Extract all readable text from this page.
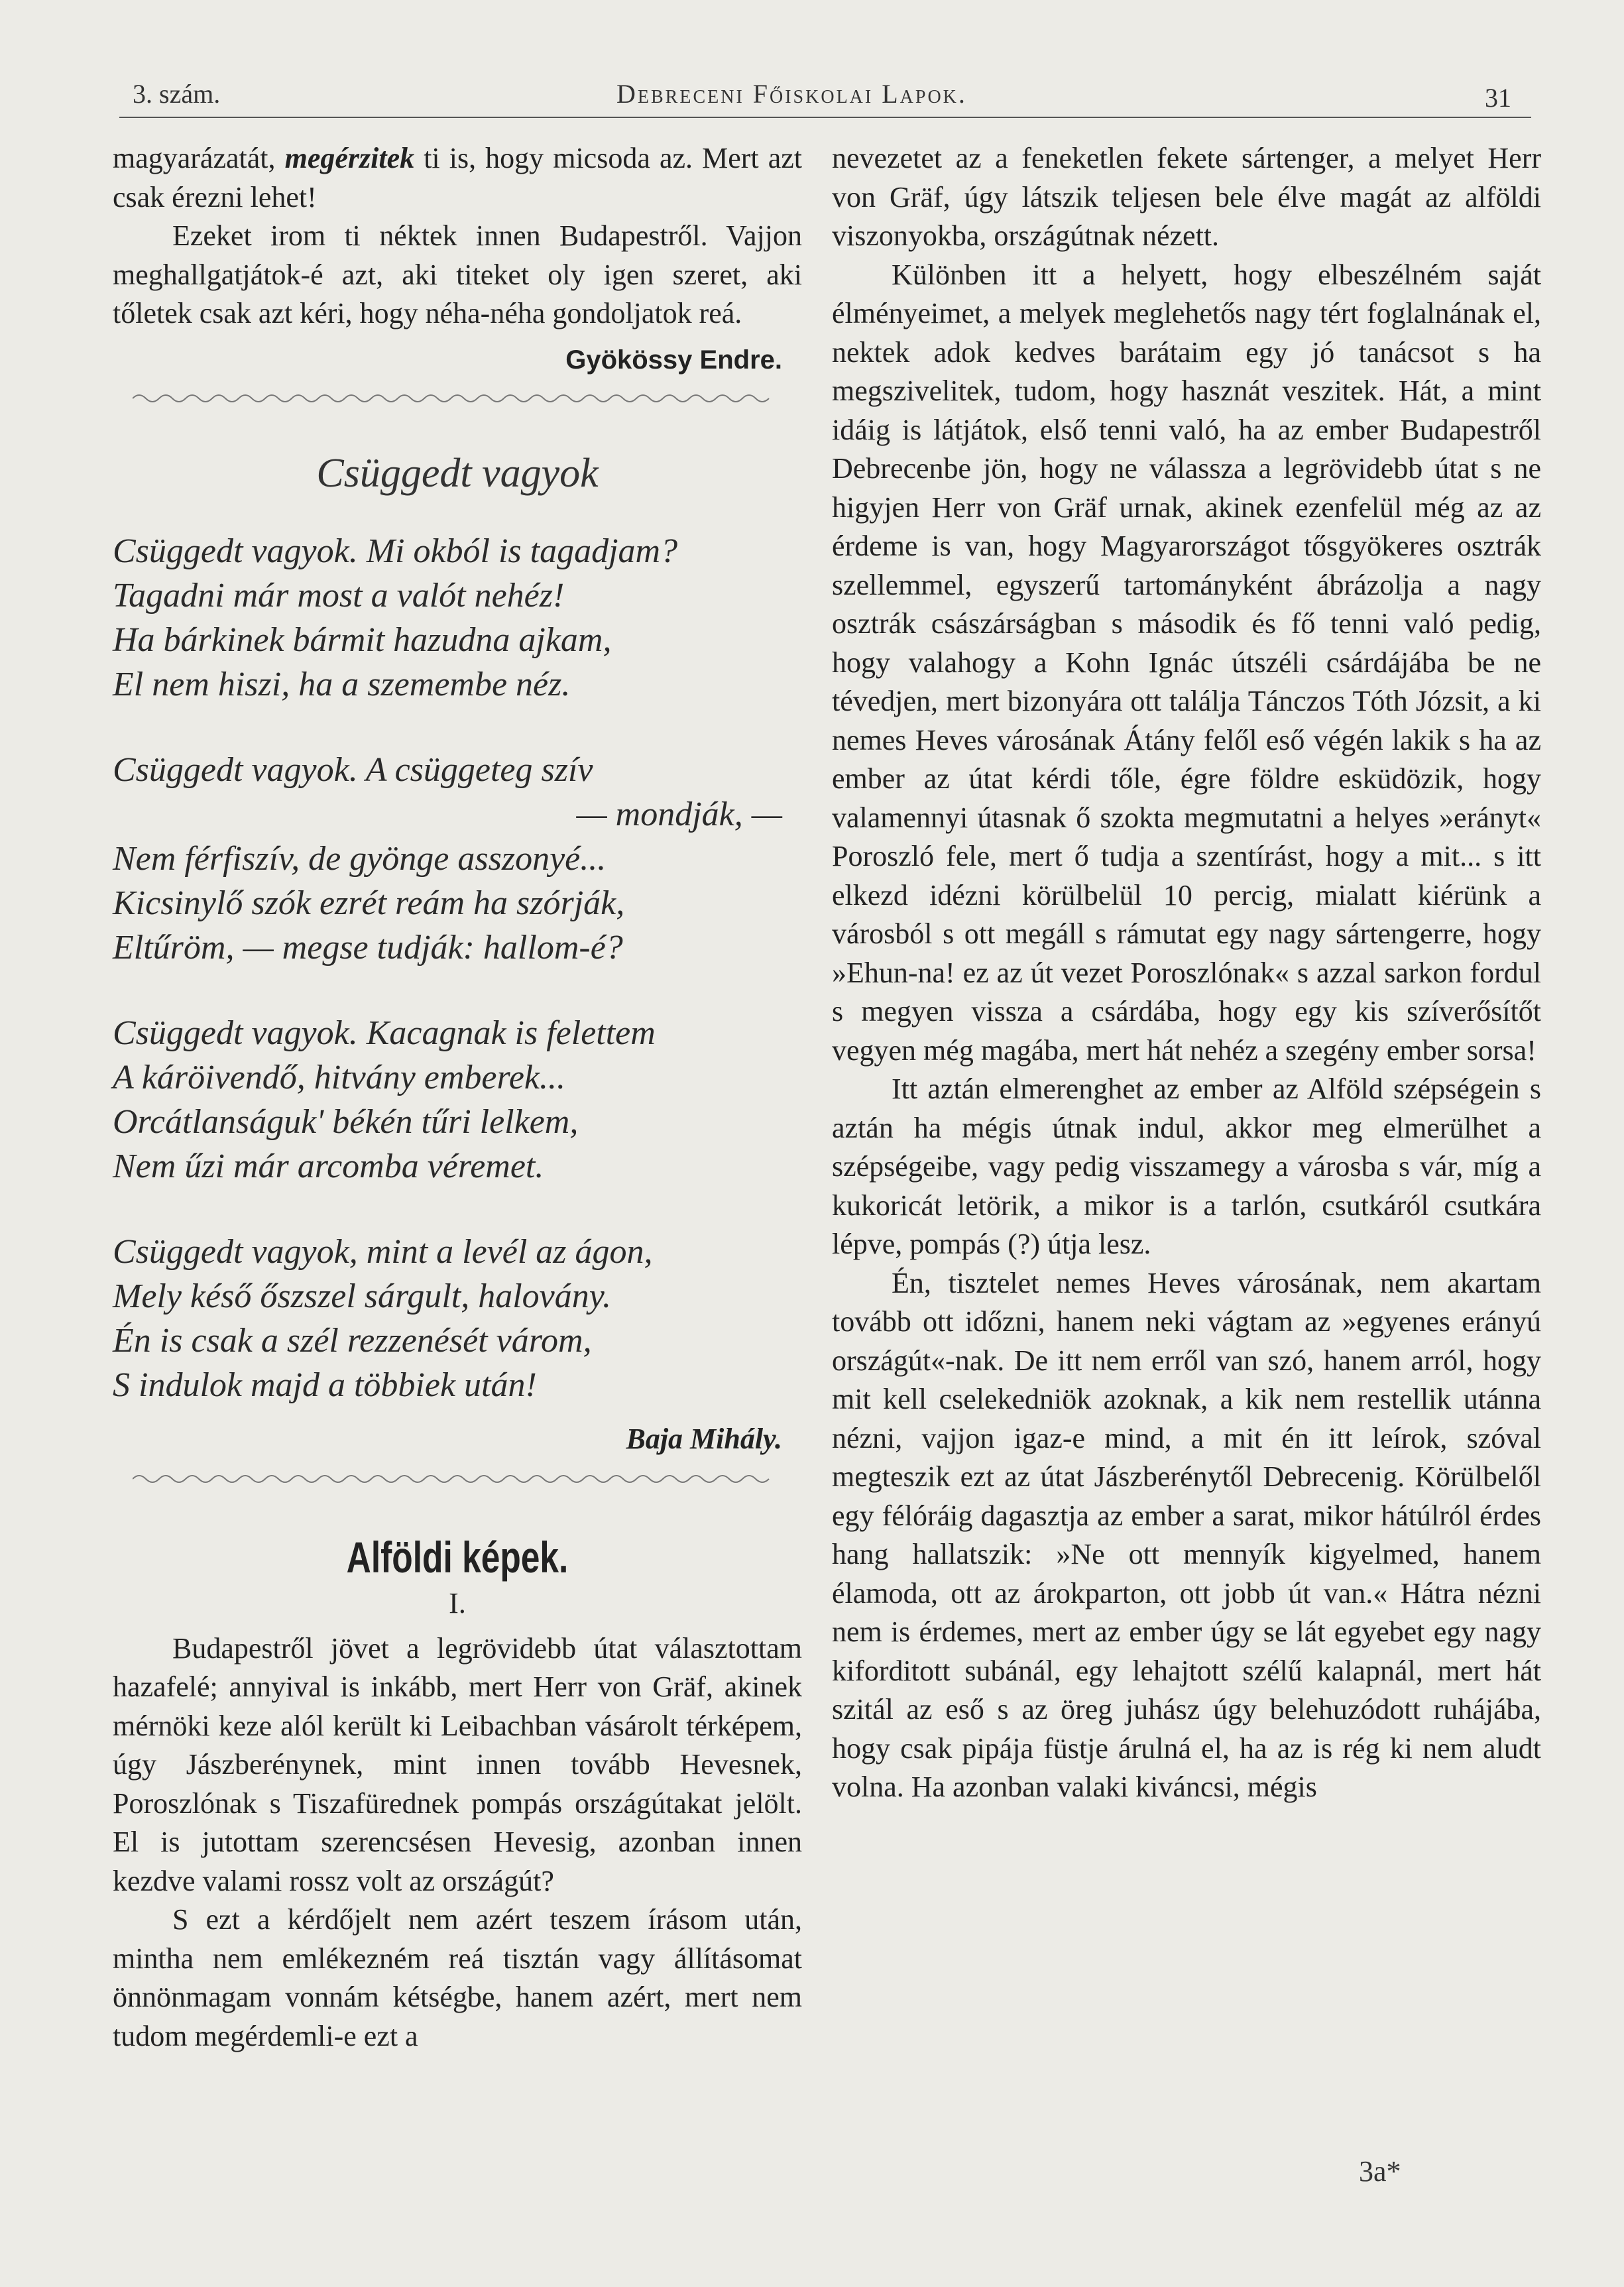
3. szám.	Debreceni Főiskolai Lapok.	31

magyarázatát, megérzitek ti is, hogy micsoda az. Mert azt csak érezni lehet!

Ezeket irom ti néktek innen Budapestről. Vajjon meghallgatjátok-é azt, aki titeket oly igen szeret, aki tőletek csak azt kéri, hogy néha-néha gondoljatok reá.

Gyökössy Endre.
Csüggedt vagyok
Csüggedt vagyok. Mi okból is tagadjam?
Tagadni már most a valót nehéz!
Ha bárkinek bármit hazudna ajkam,
El nem hiszi, ha a szemembe néz.
Csüggedt vagyok. A csüggeteg szív
— mondják, —
Nem férfiszív, de gyönge asszonyé...
Kicsinylő szók ezrét reám ha szórják,
Eltűröm, — megse tudják: hallom-é?
Csüggedt vagyok. Kacagnak is felettem
A káröivendő, hitvány emberek...
Orcátlanságuk' békén tűri lelkem,
Nem űzi már arcomba véremet.
Csüggedt vagyok, mint a levél az ágon,
Mely késő őszszel sárgult, halovány.
Én is csak a szél rezzenését várom,
S indulok majd a többiek után!
Baja Mihály.
Alföldi képek.
I.

Budapestről jövet a legrövidebb útat választottam hazafelé; annyival is inkább, mert Herr von Gräf, akinek mérnöki keze alól került ki Leibachban vásárolt térképem, úgy Jászberénynek, mint innen tovább Hevesnek, Poroszlónak s Tiszafürednek pompás országútakat jelölt. El is jutottam szerencsésen Hevesig, azonban innen kezdve valami rossz volt az országút?

S ezt a kérdőjelt nem azért teszem írásom után, mintha nem emlékezném reá tisztán vagy állításomat önnönmagam vonnám kétségbe, hanem azért, mert nem tudom megérdemli-e ezt a

nevezetet az a feneketlen fekete sártenger, a melyet Herr von Gräf, úgy látszik teljesen bele élve magát az alföldi viszonyokba, országútnak nézett.

Különben itt a helyett, hogy elbeszélném saját élményeimet, a melyek meglehetős nagy tért foglalnának el, nektek adok kedves barátaim egy jó tanácsot s ha megszivelitek, tudom, hogy hasznát veszitek. Hát, a mint idáig is látjátok, első tenni való, ha az ember Budapestről Debrecenbe jön, hogy ne válassza a legrövidebb útat s ne higyjen Herr von Gräf urnak, akinek ezenfelül még az az érdeme is van, hogy Magyarországot tősgyökeres osztrák szellemmel, egyszerű tartományként ábrázolja a nagy osztrák császárságban s második és fő tenni való pedig, hogy valahogy a Kohn Ignác útszéli csárdájába be ne tévedjen, mert bizonyára ott találja Tánczos Tóth Józsit, a ki nemes Heves városának Átány felől eső végén lakik s ha az ember az útat kérdi tőle, égre földre esküdözik, hogy valamennyi útasnak ő szokta megmutatni a helyes »erányt« Poroszló fele, mert ő tudja a szentírást, hogy a mit... s itt elkezd idézni körülbelül 10 percig, mialatt kiérünk a városból s ott megáll s rámutat egy nagy sártengerre, hogy »Ehun-na! ez az út vezet Poroszlónak« s azzal sarkon fordul s megyen vissza a csárdába, hogy egy kis szíverősítőt vegyen még magába, mert hát nehéz a szegény ember sorsa!

Itt aztán elmerenghet az ember az Alföld szépségein s aztán ha mégis útnak indul, akkor meg elmerülhet a szépségeibe, vagy pedig visszamegy a városba s vár, míg a kukoricát letörik, a mikor is a tarlón, csutkáról csutkára lépve, pompás (?) útja lesz.

Én, tisztelet nemes Heves városának, nem akartam tovább ott időzni, hanem neki vágtam az »egyenes erányú országút«-nak. De itt nem erről van szó, hanem arról, hogy mit kell cselekedniök azoknak, a kik nem restellik utánna nézni, vajjon igaz-e mind, a mit én itt leírok, szóval megteszik ezt az útat Jászberénytől Debrecenig. Körülbelől egy félóráig dagasztja az ember a sarat, mikor hátúlról érdes hang hallatszik: »Ne ott mennyík kigyelmed, hanem élamoda, ott az árokparton, ott jobb út van.« Hátra nézni nem is érdemes, mert az ember úgy se lát egyebet egy nagy kiforditott subánál, egy lehajtott szélű kalapnál, mert hát szitál az eső s az öreg juhász úgy belehuzódott ruhájába, hogy csak pipája füstje árulná el, ha az is rég ki nem aludt volna. Ha azonban valaki kiváncsi, mégis

3a*
